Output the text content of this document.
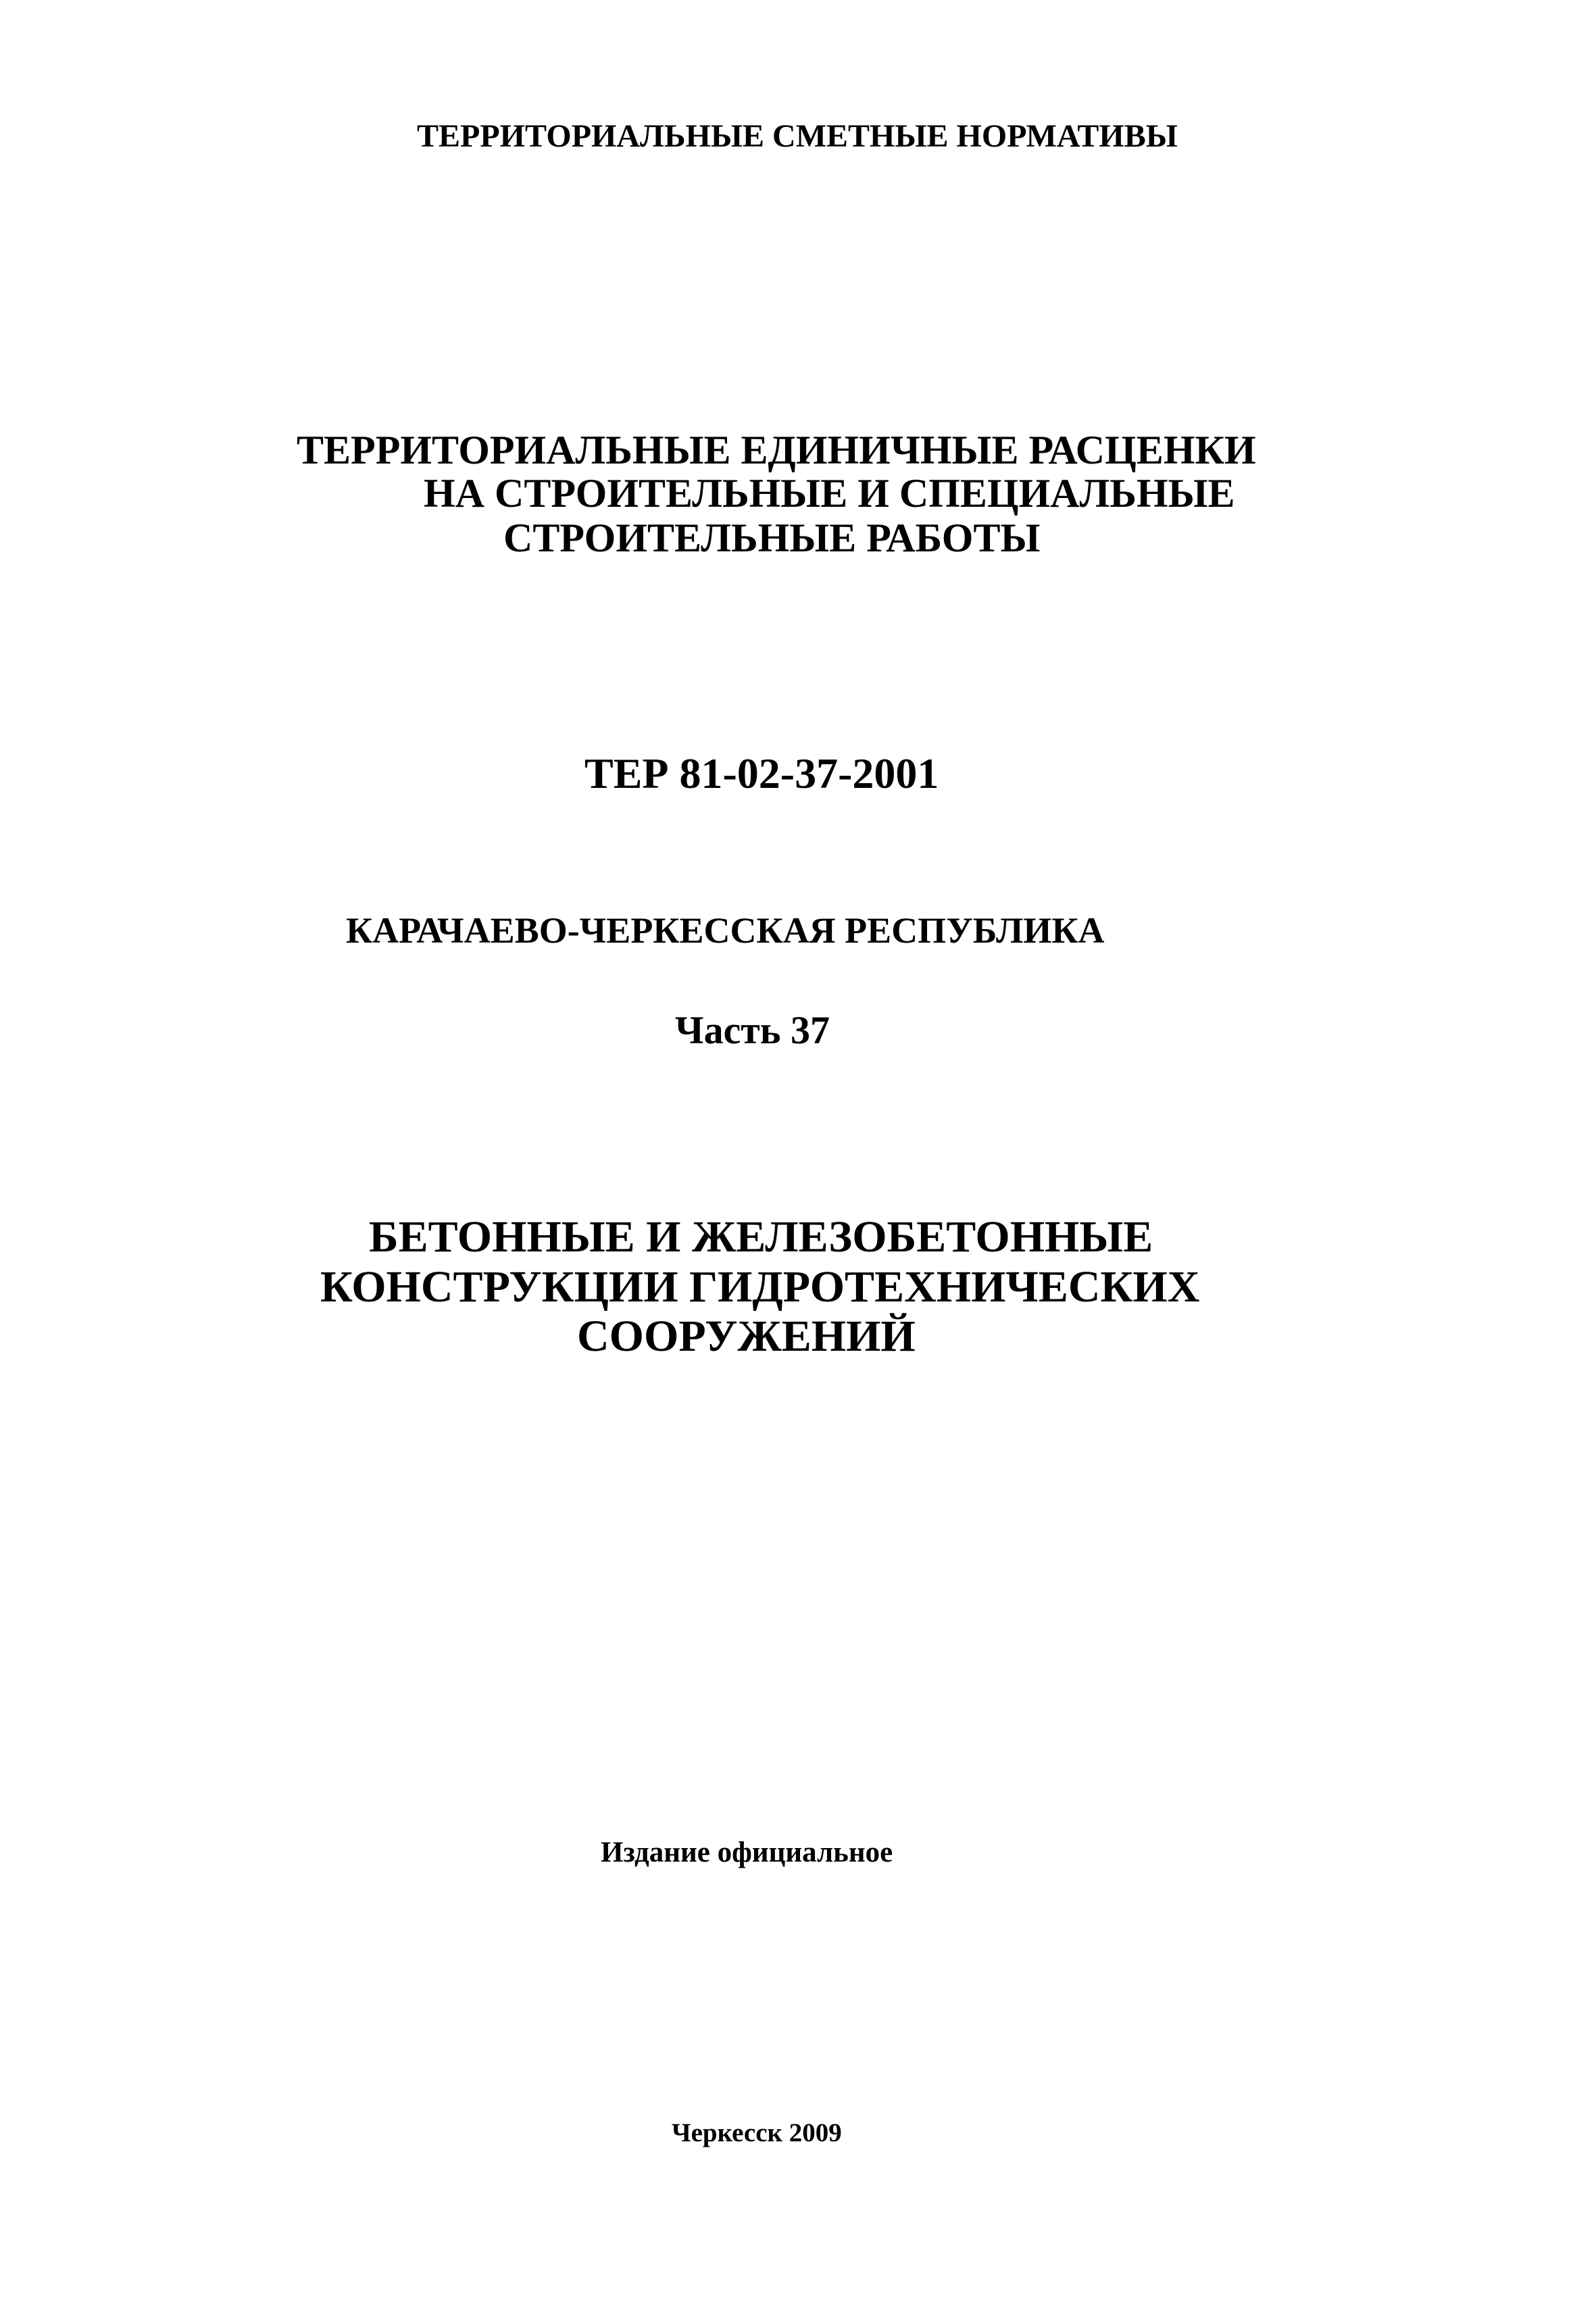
ТЕРРИТОРИАЛЬНЫЕ СМЕТНЫЕ НОРМАТИВЫ
ТЕРРИТОРИАЛЬНЫЕ ЕДИНИЧНЫЕ РАСЦЕНКИ
НА СТРОИТЕЛЬНЫЕ И СПЕЦИАЛЬНЫЕ
СТРОИТЕЛЬНЫЕ РАБОТЫ
ТЕР 81-02-37-2001
КАРАЧАЕВО-ЧЕРКЕССКАЯ РЕСПУБЛИКА
Часть 37
БЕТОННЫЕ И ЖЕЛЕЗОБЕТОННЫЕ
КОНСТРУКЦИИ ГИДРОТЕХНИЧЕСКИХ
СООРУЖЕНИЙ
Издание официальное
Черкесск 2009
